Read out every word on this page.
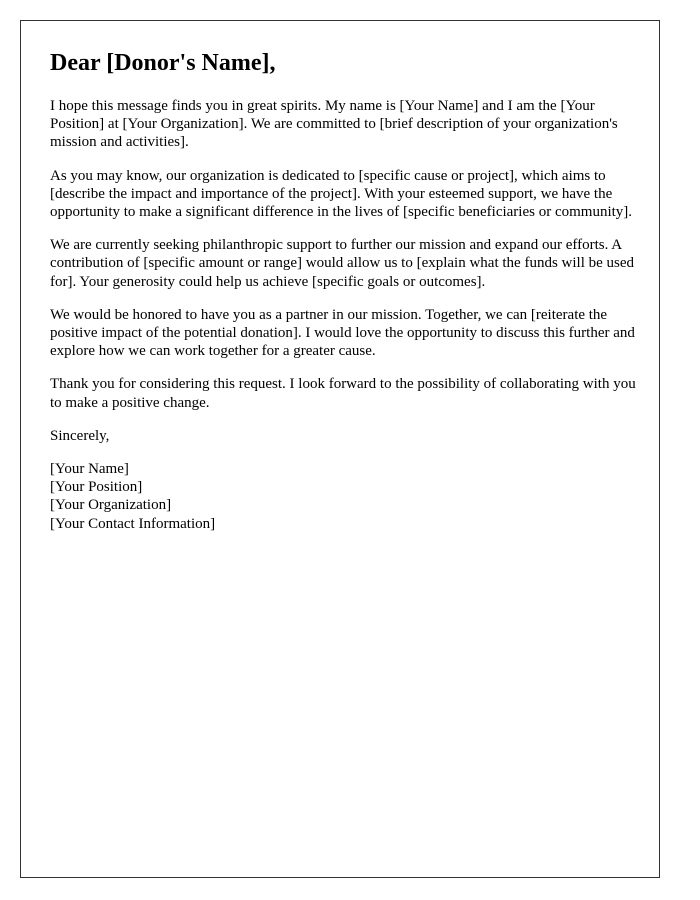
Dear [Donor's Name],

I hope this message finds you in great spirits. My name is [Your Name] and I am the [Your Position] at [Your Organization]. We are committed to [brief description of your organization's mission and activities].

As you may know, our organization is dedicated to [specific cause or project], which aims to [describe the impact and importance of the project]. With your esteemed support, we have the opportunity to make a significant difference in the lives of [specific beneficiaries or community].

We are currently seeking philanthropic support to further our mission and expand our efforts. A contribution of [specific amount or range] would allow us to [explain what the funds will be used for]. Your generosity could help us achieve [specific goals or outcomes].

We would be honored to have you as a partner in our mission. Together, we can [reiterate the positive impact of the potential donation]. I would love the opportunity to discuss this further and explore how we can work together for a greater cause.

Thank you for considering this request. I look forward to the possibility of collaborating with you to make a positive change.

Sincerely,

[Your Name]

[Your Position]

[Your Organization]

[Your Contact Information]
